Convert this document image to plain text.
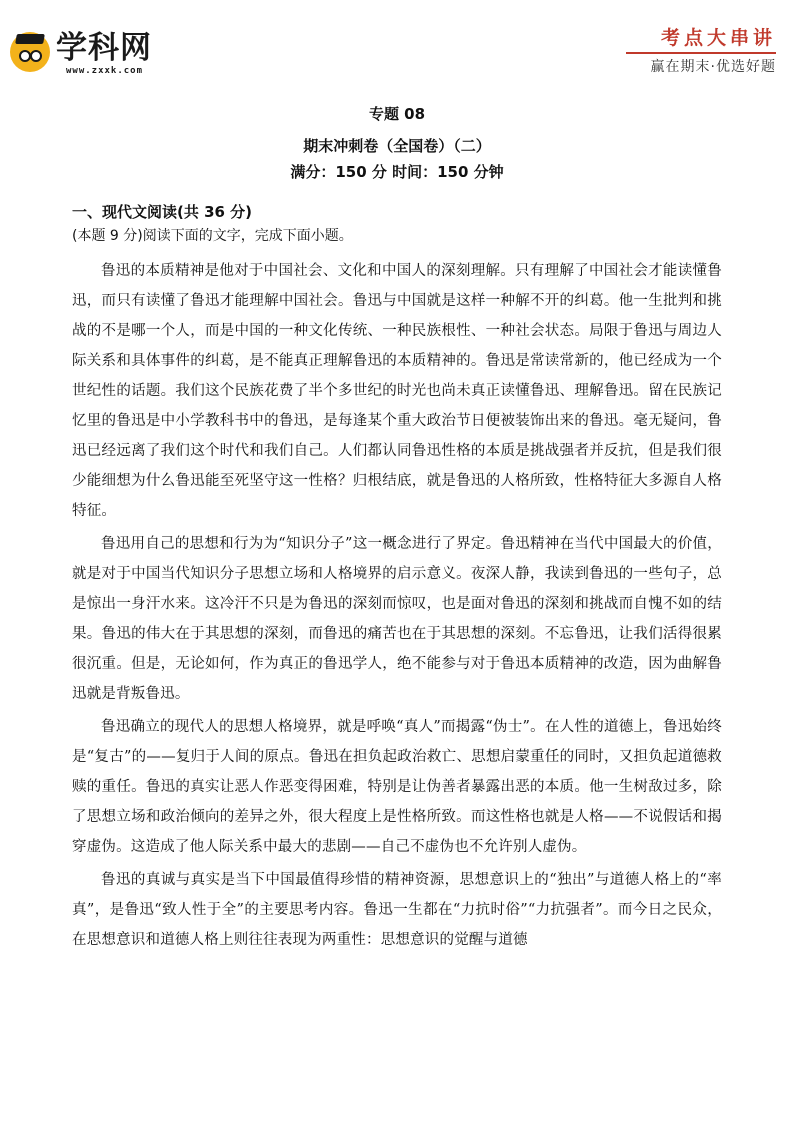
学科网
www.zxxk.com
考点大串讲
赢在期末·优选好题
专题 08
期末冲刺卷（全国卷）（二）
满分：150 分 时间：150 分钟
一、现代文阅读(共 36 分)
(本题 9 分)阅读下面的文字，完成下面小题。

鲁迅的本质精神是他对于中国社会、文化和中国人的深刻理解。只有理解了中国社会才能读懂鲁迅，而只有读懂了鲁迅才能理解中国社会。鲁迅与中国就是这样一种解不开的纠葛。他一生批判和挑战的不是哪一个人，而是中国的一种文化传统、一种民族根性、一种社会状态。局限于鲁迅与周边人际关系和具体事件的纠葛，是不能真正理解鲁迅的本质精神的。鲁迅是常读常新的，他已经成为一个世纪性的话题。我们这个民族花费了半个多世纪的时光也尚未真正读懂鲁迅、理解鲁迅。留在民族记忆里的鲁迅是中小学教科书中的鲁迅，是每逢某个重大政治节日便被装饰出来的鲁迅。毫无疑问，鲁迅已经远离了我们这个时代和我们自己。人们都认同鲁迅性格的本质是挑战强者并反抗，但是我们很少能细想为什么鲁迅能至死坚守这一性格？归根结底，就是鲁迅的人格所致，性格特征大多源自人格特征。

鲁迅用自己的思想和行为为“知识分子”这一概念进行了界定。鲁迅精神在当代中国最大的价值，就是对于中国当代知识分子思想立场和人格境界的启示意义。夜深人静，我读到鲁迅的一些句子，总是惊出一身汗水来。这冷汗不只是为鲁迅的深刻而惊叹，也是面对鲁迅的深刻和挑战而自愧不如的结果。鲁迅的伟大在于其思想的深刻，而鲁迅的痛苦也在于其思想的深刻。不忘鲁迅，让我们活得很累很沉重。但是，无论如何，作为真正的鲁迅学人，绝不能参与对于鲁迅本质精神的改造，因为曲解鲁迅就是背叛鲁迅。

鲁迅确立的现代人的思想人格境界，就是呼唤“真人”而揭露“伪士”。在人性的道德上，鲁迅始终是“复古”的——复归于人间的原点。鲁迅在担负起政治救亡、思想启蒙重任的同时，又担负起道德救赎的重任。鲁迅的真实让恶人作恶变得困难，特别是让伪善者暴露出恶的本质。他一生树敌过多，除了思想立场和政治倾向的差异之外，很大程度上是性格所致。而这性格也就是人格——不说假话和揭穿虚伪。这造成了他人际关系中最大的悲剧——自己不虚伪也不允许别人虚伪。

鲁迅的真诚与真实是当下中国最值得珍惜的精神资源，思想意识上的“独出”与道德人格上的“率真”，是鲁迅“致人性于全”的主要思考内容。鲁迅一生都在“力抗时俗”“力抗强者”。而今日之民众，在思想意识和道德人格上则往往表现为两重性：思想意识的觉醒与道德
